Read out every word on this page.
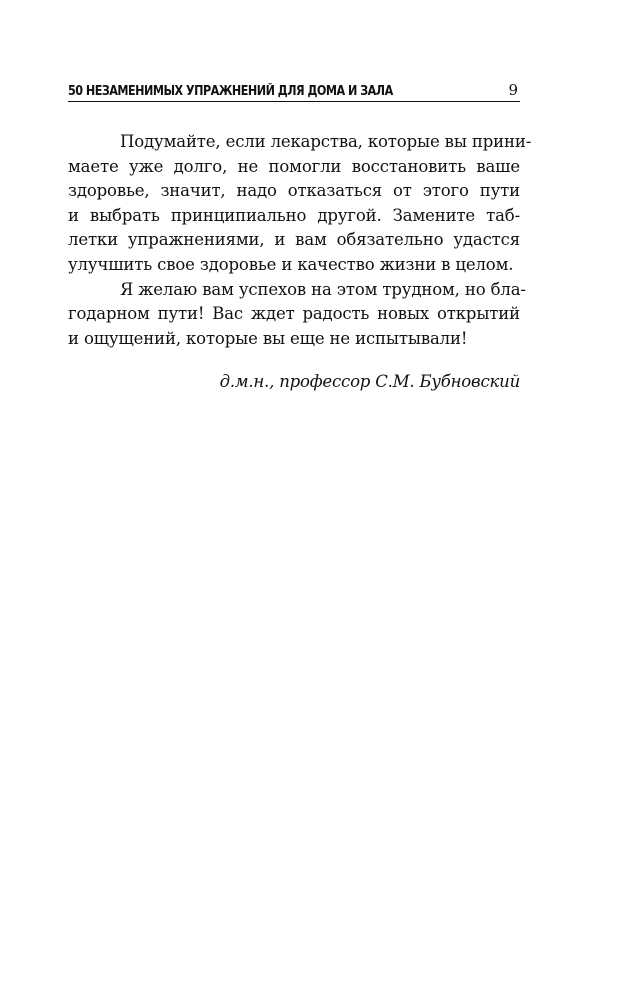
50 НЕЗАМЕНИМЫХ УПРАЖНЕНИЙ ДЛЯ ДОМА И ЗАЛА	9

Подумайте, если лекарства, которые вы прини-
маете уже долго, не помогли восстановить ваше
здоровье, значит, надо отказаться от этого пути
и выбрать принципиально другой. Замените таб-
летки упражнениями, и вам обязательно удастся
улучшить свое здоровье и качество жизни в целом.

Я желаю вам успехов на этом трудном, но бла-
годарном пути! Вас ждет радость новых открытий
и ощущений, которые вы еще не испытывали!

д.м.н., профессор С.М. Бубновский
